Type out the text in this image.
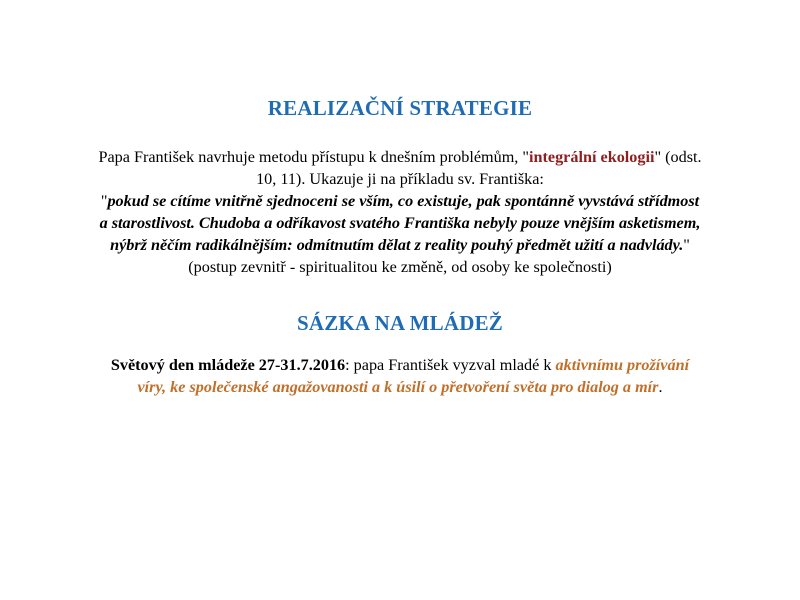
REALIZAČNÍ STRATEGIE
Papa František navrhuje metodu přístupu k dnešním problémům, "integrální ekologii" (odst.
10, 11). Ukazuje ji na příkladu sv. Františka:
"pokud se cítíme vnitřně sjednoceni se vším, co existuje, pak spontánně vyvstává střídmost
a starostlivost. Chudoba a odříkavost svatého Františka nebyly pouze vnějším asketismem,
nýbrž něčím radikálnějším: odmítnutím dělat z reality pouhý předmět užití a nadvlády."
(postup zevnitř - spiritualitou ke změně, od osoby ke společnosti)
SÁZKA NA MLÁDEŽ
Světový den mládeže 27-31.7.2016: papa František vyzval mladé k aktivnímu prožívání
víry, ke společenské angažovanosti a k úsilí o přetvoření světa pro dialog a mír.
